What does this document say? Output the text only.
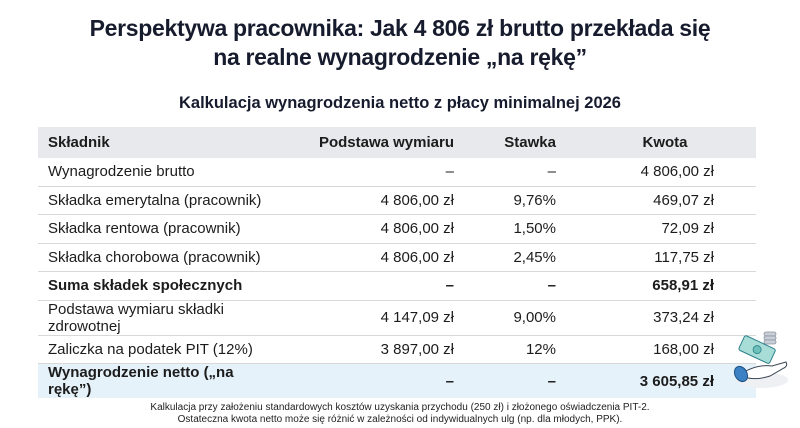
Perspektywa pracownika: Jak 4 806 zł brutto przekłada się
na realne wynagrodzenie „na rękę”
Kalkulacja wynagrodzenia netto z płacy minimalnej 2026
Składnik	Podstawa wymiaru	Stawka	Kwota
Wynagrodzenie brutto	–	–	4 806,00 zł
Składka emerytalna (pracownik)	4 806,00 zł	9,76%	469,07 zł
Składka rentowa (pracownik)	4 806,00 zł	1,50%	72,09 zł
Składka chorobowa (pracownik)	4 806,00 zł	2,45%	117,75 zł
Suma składek społecznych	–	–	658,91 zł
Podstawa wymiaru składki zdrowotnej	4 147,09 zł	9,00%	373,24 zł
Zaliczka na podatek PIT (12%)	3 897,00 zł	12%	168,00 zł
Wynagrodzenie netto („na rękę”)	–	–	3 605,85 zł
Kalkulacja przy założeniu standardowych kosztów uzyskania przychodu (250 zł) i złożonego oświadczenia PIT-2.
Ostateczna kwota netto może się różnić w zależności od indywidualnych ulg (np. dla młodych, PPK).
